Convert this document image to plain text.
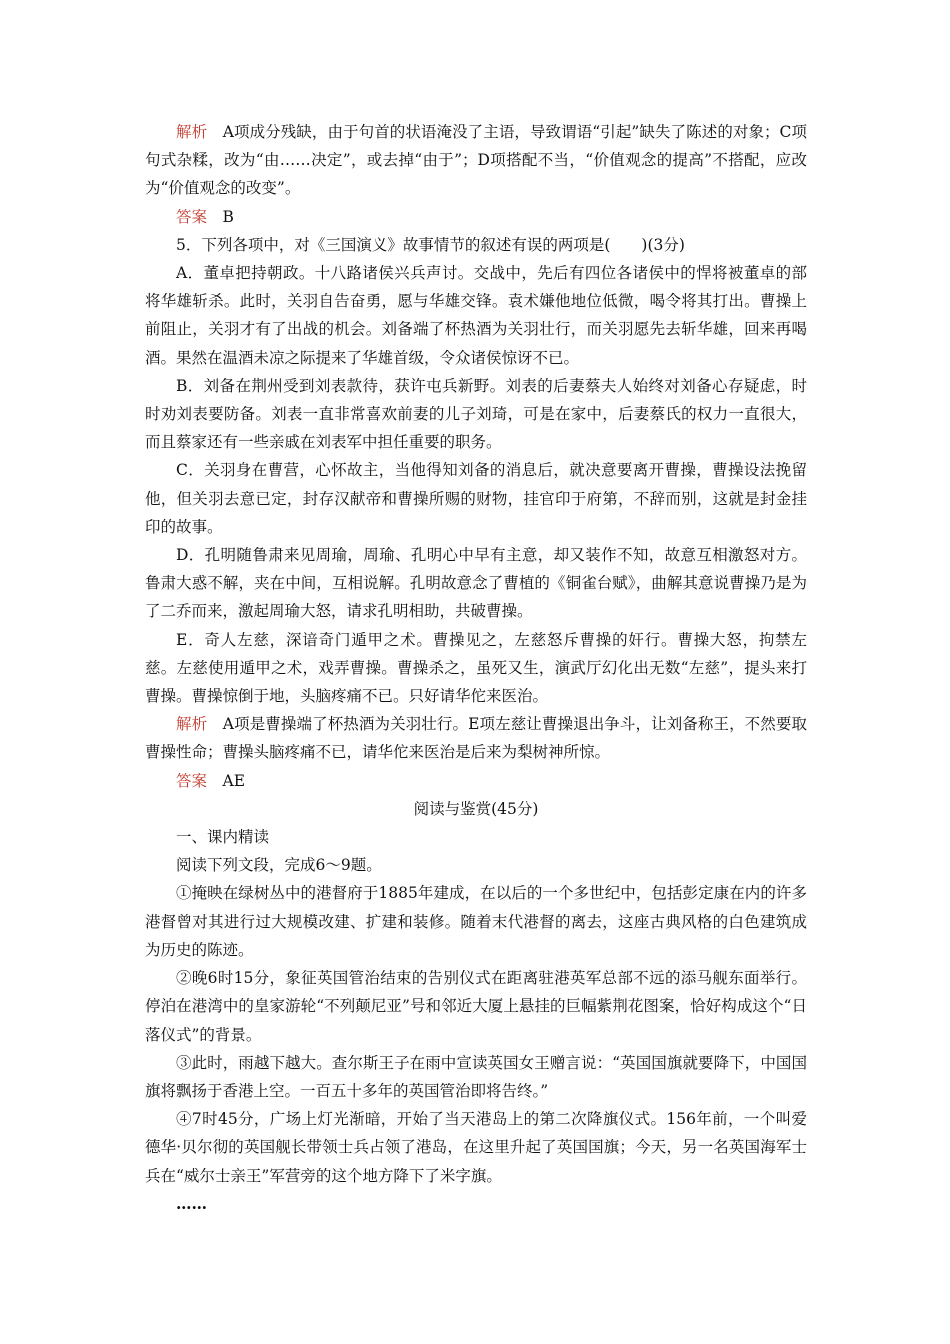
解析　A项成分残缺，由于句首的状语淹没了主语，导致谓语“引起”缺失了陈述的对象；C项句式杂糅，改为“由……决定”，或去掉“由于”；D项搭配不当，“价值观念的提高”不搭配，应改为“价值观念的改变”。

答案　B

5．下列各项中，对《三国演义》故事情节的叙述有误的两项是(　　)(3分)

A．董卓把持朝政。十八路诸侯兴兵声讨。交战中，先后有四位各诸侯中的悍将被董卓的部将华雄斩杀。此时，关羽自告奋勇，愿与华雄交锋。袁术嫌他地位低微，喝令将其打出。曹操上前阻止，关羽才有了出战的机会。刘备端了杯热酒为关羽壮行，而关羽愿先去斩华雄，回来再喝酒。果然在温酒未凉之际提来了华雄首级，令众诸侯惊讶不已。

B．刘备在荆州受到刘表款待，获许屯兵新野。刘表的后妻蔡夫人始终对刘备心存疑虑，时时劝刘表要防备。刘表一直非常喜欢前妻的儿子刘琦，可是在家中，后妻蔡氏的权力一直很大，而且蔡家还有一些亲戚在刘表军中担任重要的职务。

C．关羽身在曹营，心怀故主，当他得知刘备的消息后，就决意要离开曹操，曹操设法挽留他，但关羽去意已定，封存汉献帝和曹操所赐的财物，挂官印于府第，不辞而别，这就是封金挂印的故事。

D．孔明随鲁肃来见周瑜，周瑜、孔明心中早有主意，却又装作不知，故意互相激怒对方。鲁肃大惑不解，夹在中间，互相说解。孔明故意念了曹植的《铜雀台赋》，曲解其意说曹操乃是为了二乔而来，激起周瑜大怒，请求孔明相助，共破曹操。

E．奇人左慈，深谙奇门遁甲之术。曹操见之，左慈怒斥曹操的奸行。曹操大怒，拘禁左慈。左慈使用遁甲之术，戏弄曹操。曹操杀之，虽死又生，演武厅幻化出无数“左慈”，提头来打曹操。曹操惊倒于地，头脑疼痛不已。只好请华佗来医治。

解析　A项是曹操端了杯热酒为关羽壮行。E项左慈让曹操退出争斗，让刘备称王，不然要取曹操性命；曹操头脑疼痛不已，请华佗来医治是后来为梨树神所惊。

答案　AE

阅读与鉴赏(45分)

一、课内精读

阅读下列文段，完成6～9题。

①掩映在绿树丛中的港督府于1885年建成，在以后的一个多世纪中，包括彭定康在内的许多港督曾对其进行过大规模改建、扩建和装修。随着末代港督的离去，这座古典风格的白色建筑成为历史的陈迹。

②晚6时15分，象征英国管治结束的告别仪式在距离驻港英军总部不远的添马舰东面举行。停泊在港湾中的皇家游轮“不列颠尼亚”号和邻近大厦上悬挂的巨幅紫荆花图案，恰好构成这个“日落仪式”的背景。

③此时，雨越下越大。查尔斯王子在雨中宣读英国女王赠言说：“英国国旗就要降下，中国国旗将飘扬于香港上空。一百五十多年的英国管治即将告终。”

④7时45分，广场上灯光渐暗，开始了当天港岛上的第二次降旗仪式。156年前，一个叫爱德华·贝尔彻的英国舰长带领士兵占领了港岛，在这里升起了英国国旗；今天，另一名英国海军士兵在“威尔士亲王”军营旁的这个地方降下了米字旗。

……
